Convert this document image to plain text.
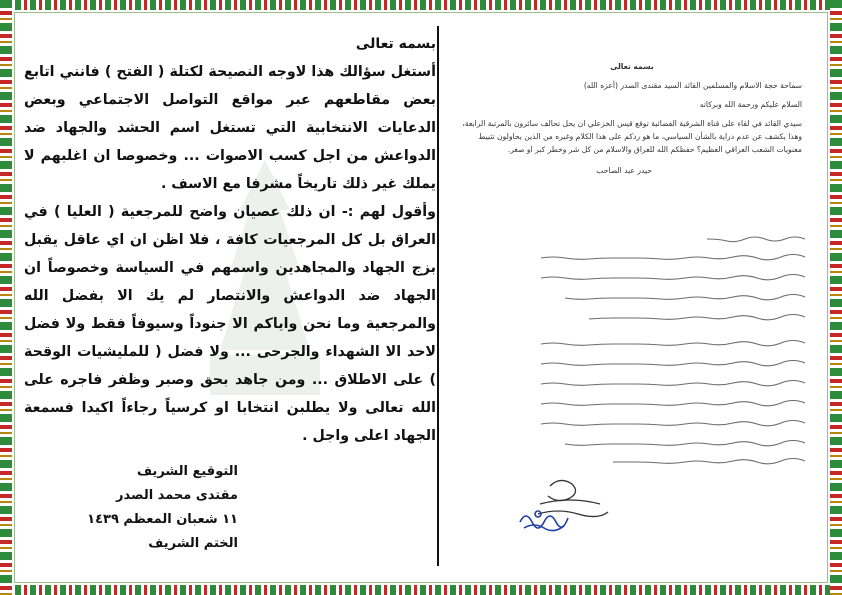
بسمه تعالى

أستغل سؤالك هذا لاوجه النصيحة لكتلة ( الفتح ) فانني اتابع بعض مقاطعهم عبر مواقع التواصل الاجتماعي وبعض الدعايات الانتخابية التي تستغل اسم الحشد والجهاد ضد الدواعش من اجل كسب الاصوات ... وخصوصا ان اغلبهم لا يملك غير ذلك تاريخاً مشرفا مع الاسف .

وأقول لهم :- ان ذلك عصيان واضح للمرجعية ( العليا ) في العراق بل كل المرجعيات كافة ، فلا اظن ان اي عاقل يقبل بزج الجهاد والمجاهدين واسمهم في السياسة وخصوصاً ان الجهاد ضد الدواعش والانتصار لم يك الا بفضل الله والمرجعية وما نحن واياكم الا جنوداً وسيوفاً فقط ولا فضل لاحد الا الشهداء والجرحى ... ولا فضل ( للمليشيات الوقحة ) على الاطلاق ... ومن جاهد بحق وصبر وظفر فاجره على الله تعالى ولا يطلبن انتخابا او كرسياً رجاءاً اكيدا فسمعة الجهاد اعلى واجل .

التوقيع الشريف
مقتدى محمد الصدر
١١ شعبان المعظم ١٤٣٩
الختم الشريف

بسمه تعالى

سماحة حجة الاسلام والمسلمين القائد السيد مقتدى الصدر (أعزه الله)

السلام عليكم ورحمة الله وبركاته

سيدي القائد في لقاء على قناة الشرقية الفضائية توقع قيس الخزعلي ان يحل تحالف سائرون بالمرتبة الرابعة، وهذا يكشف عن عدم دراية بالشأن السياسي، ما هو ردكم على هذا الكلام وغيره من الذين يحاولون تثبيط معنويات الشعب العراقي العظيم؟ حفظكم الله للعراق والاسلام من كل شر وخطر كبر او صغر.

حيدر عبد الصاحب
